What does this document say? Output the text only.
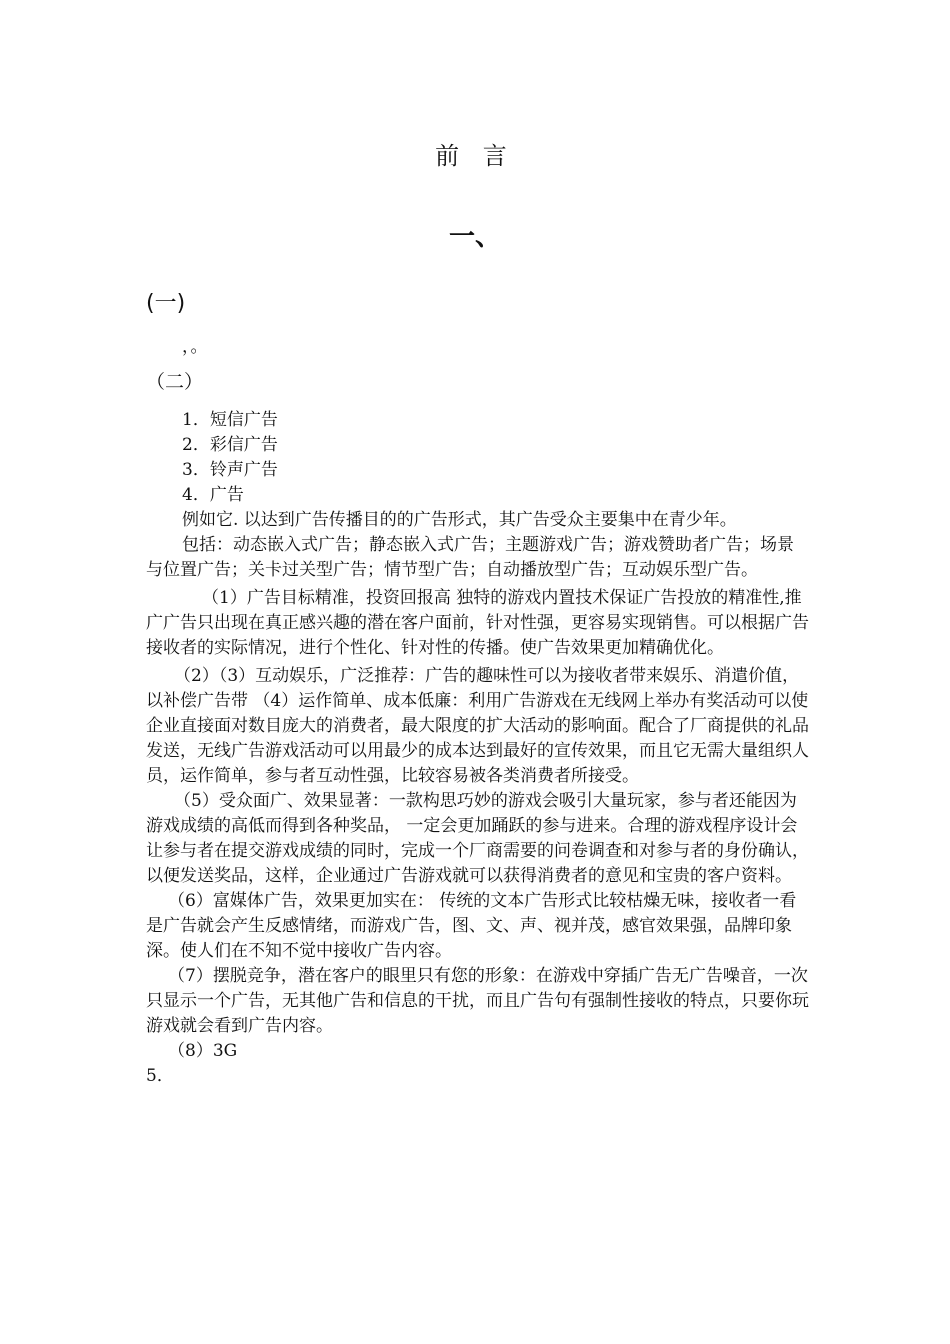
前 言
一、
(一)

，。

（二）

1．短信广告

2．彩信广告

3．铃声广告

4．广告

例如它. 以达到广告传播目的的广告形式，其广告受众主要集中在青少年。

包括：动态嵌入式广告；静态嵌入式广告；主题游戏广告；游戏赞助者广告；场景与位置广告；关卡过关型广告；情节型广告；自动播放型广告；互动娱乐型广告。

（1）广告目标精准，投资回报高 独特的游戏内置技术保证广告投放的精准性,推广广告只出现在真正感兴趣的潜在客户面前，针对性强，更容易实现销售。可以根据广告接收者的实际情况，进行个性化、针对性的传播。使广告效果更加精确优化。

（2）（3）互动娱乐，广泛推荐：广告的趣味性可以为接收者带来娱乐、消遣价值，以补偿广告带 （4）运作简单、成本低廉：利用广告游戏在无线网上举办有奖活动可以使企业直接面对数目庞大的消费者，最大限度的扩大活动的影响面。配合了厂商提供的礼品发送，无线广告游戏活动可以用最少的成本达到最好的宣传效果，而且它无需大量组织人员，运作简单，参与者互动性强，比较容易被各类消费者所接受。

（5）受众面广、效果显著：一款构思巧妙的游戏会吸引大量玩家，参与者还能因为游戏成绩的高低而得到各种奖品， 一定会更加踊跃的参与进来。合理的游戏程序设计会让参与者在提交游戏成绩的同时，完成一个厂商需要的问卷调查和对参与者的身份确认，以便发送奖品，这样，企业通过广告游戏就可以获得消费者的意见和宝贵的客户资料。

（6）富媒体广告，效果更加实在： 传统的文本广告形式比较枯燥无味，接收者一看是广告就会产生反感情绪，而游戏广告，图、文、声、视并茂，感官效果强，品牌印象深。使人们在不知不觉中接收广告内容。

（7）摆脱竞争，潜在客户的眼里只有您的形象：在游戏中穿插广告无广告噪音，一次只显示一个广告，无其他广告和信息的干扰，而且广告句有强制性接收的特点，只要你玩游戏就会看到广告内容。

（8）3G

5．
